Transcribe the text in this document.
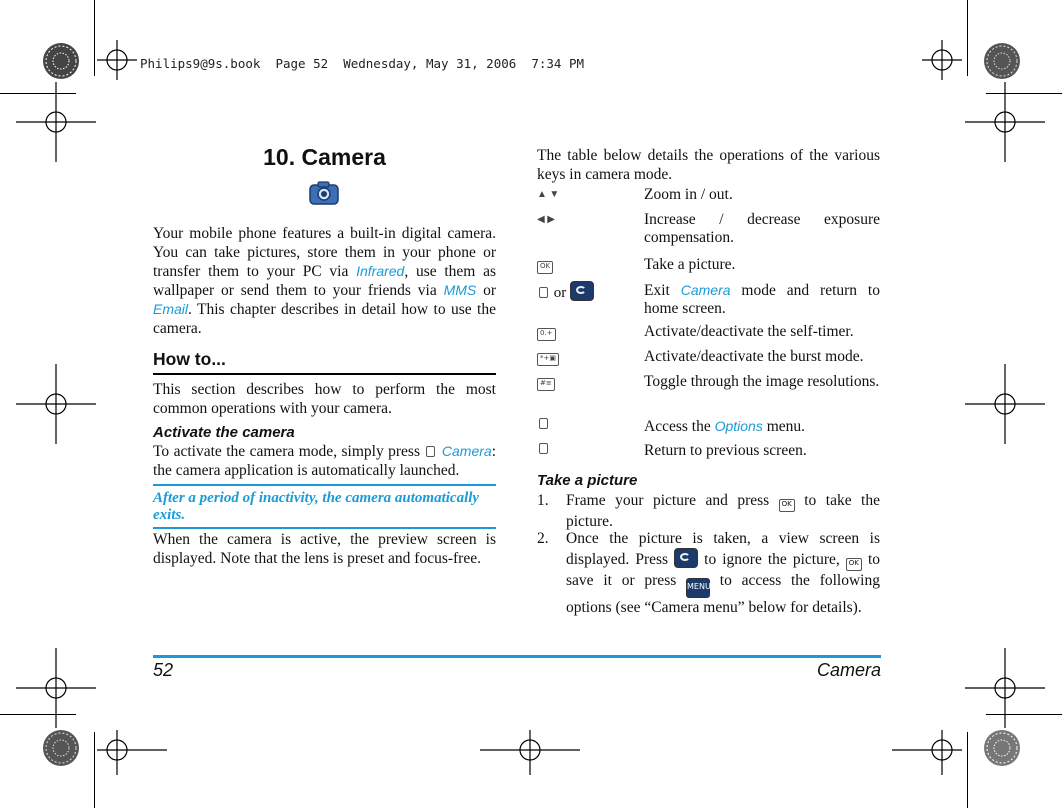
Philips9@9s.book  Page 52  Wednesday, May 31, 2006  7:34 PM
10. Camera
Your mobile phone features a built-in digital camera. You can take pictures, store them in your phone or transfer them to your PC via Infrared, use them as wallpaper or send them to your friends via MMS or Email. This chapter describes in detail how to use the camera.
How to...
This section describes how to perform the most common operations with your camera.
Activate the camera
To activate the camera mode, simply press  Camera: the camera application is automatically launched.
After a period of inactivity, the camera automatically exits.
When the camera is active, the preview screen is displayed. Note that the lens is preset and focus-free.
The table below details the operations of the various keys in camera mode.
▲ ▼	Zoom in / out.
◀ ▶	Increase / decrease exposure compensation.
OK	Take a picture.
or	Exit Camera mode and return to home screen.
0.+	Activate/deactivate the self-timer.
*+▣	Activate/deactivate the burst mode.
#≡	Toggle through the image resolutions.
Access the Options menu.
Return to previous screen.
Take a picture
1. Frame your picture and press OK to take the picture.
2. Once the picture is taken, a view screen is displayed. Press  to ignore the picture, OK to save it or press MENU to access the following options (see “Camera menu” below for details).
52	Camera
